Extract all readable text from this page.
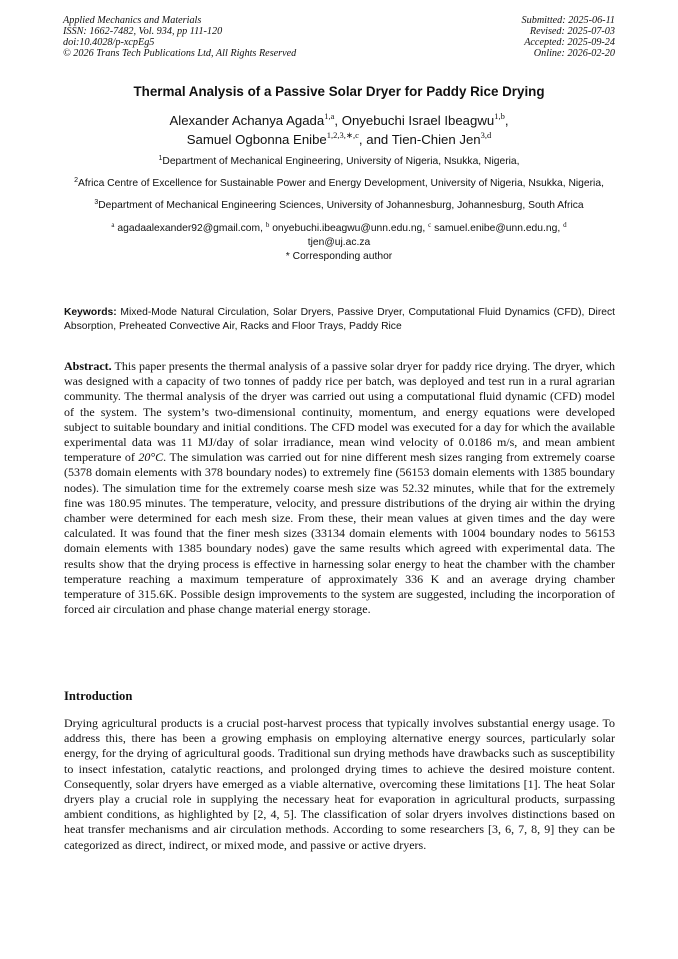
Applied Mechanics and Materials
ISSN: 1662-7482, Vol. 934, pp 111-120
doi:10.4028/p-xcpEg5
© 2026 Trans Tech Publications Ltd, All Rights Reserved
Submitted: 2025-06-11
Revised: 2025-07-03
Accepted: 2025-09-24
Online: 2026-02-20
Thermal Analysis of a Passive Solar Dryer for Paddy Rice Drying
Alexander Achanya Agada$^{1,a}$, Onyebuchi Israel Ibeagwu$^{1,b}$,
Samuel Ogbonna Enibe$^{1,2,3,∗,c}$, and Tien-Chien Jen$^{3,d}$
$^1$Department of Mechanical Engineering, University of Nigeria, Nsukka, Nigeria,
$^2$Africa Centre of Excellence for Sustainable Power and Energy Development, University of Nigeria, Nsukka, Nigeria,
$^3$Department of Mechanical Engineering Sciences, University of Johannesburg, Johannesburg, South Africa
$^a$ agadaalexander92@gmail.com, $^b$ onyebuchi.ibeagwu@unn.edu.ng, $^c$ samuel.enibe@unn.edu.ng, $^d$
tjen@uj.ac.za
* Corresponding author
Keywords: Mixed-Mode Natural Circulation, Solar Dryers, Passive Dryer, Computational Fluid Dynamics (CFD), Direct Absorption, Preheated Convective Air, Racks and Floor Trays, Paddy Rice
Abstract. This paper presents the thermal analysis of a passive solar dryer for paddy rice drying. The dryer, which was designed with a capacity of two tonnes of paddy rice per batch, was deployed and test run in a rural agrarian community. The thermal analysis of the dryer was carried out using a computational fluid dynamic (CFD) model of the system. The system’s two-dimensional continuity, momentum, and energy equations were developed subject to suitable boundary and initial conditions. The CFD model was executed for a day for which the available experimental data was 11 MJ/day of solar irradiance, mean wind velocity of 0.0186 m/s, and mean ambient temperature of 20°C. The simulation was carried out for nine different mesh sizes ranging from extremely coarse (5378 domain elements with 378 boundary nodes) to extremely fine (56153 domain elements with 1385 boundary nodes). The simulation time for the extremely coarse mesh size was 52.32 minutes, while that for the extremely fine was 180.95 minutes. The temperature, velocity, and pressure distributions of the drying air within the drying chamber were determined for each mesh size. From these, their mean values at given times and the day were calculated. It was found that the finer mesh sizes (33134 domain elements with 1004 boundary nodes to 56153 domain elements with 1385 boundary nodes) gave the same results which agreed with experimental data. The results show that the drying process is effective in harnessing solar energy to heat the chamber with the chamber temperature reaching a maximum temperature of approximately 336 K and an average drying chamber temperature of 315.6K. Possible design improvements to the system are suggested, including the incorporation of forced air circulation and phase change material energy storage.
Introduction
Drying agricultural products is a crucial post-harvest process that typically involves substantial energy usage. To address this, there has been a growing emphasis on employing alternative energy sources, particularly solar energy, for the drying of agricultural goods. Traditional sun drying methods have drawbacks such as susceptibility to insect infestation, catalytic reactions, and prolonged drying times to achieve the desired moisture content. Consequently, solar dryers have emerged as a viable alternative, overcoming these limitations [1]. The heat Solar dryers play a crucial role in supplying the necessary heat for evaporation in agricultural products, surpassing ambient conditions, as highlighted by [2, 4, 5]. The classification of solar dryers involves distinctions based on heat transfer mechanisms and air circulation methods. According to some researchers [3, 6, 7, 8, 9] they can be categorized as direct, indirect, or mixed mode, and passive or active dryers.
